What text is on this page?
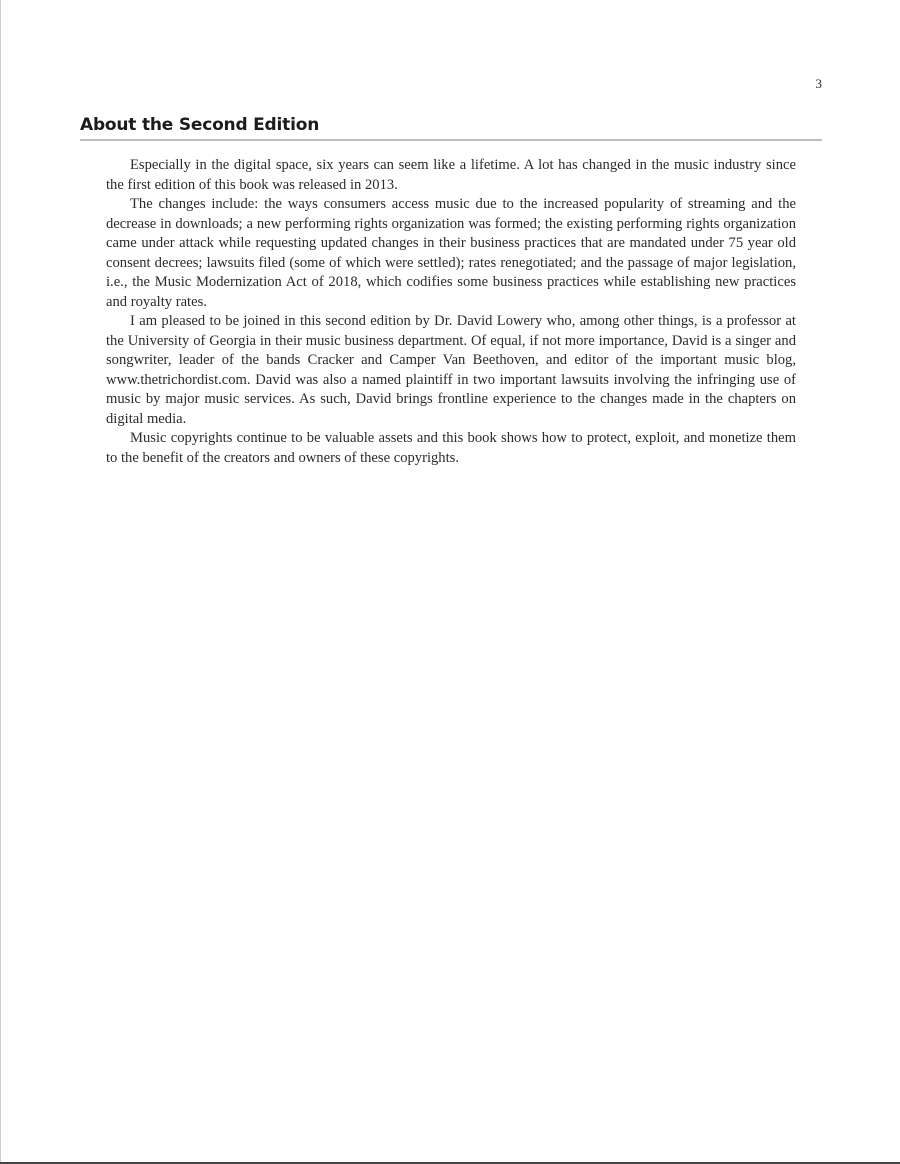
3
About the Second Edition

Especially in the digital space, six years can seem like a lifetime. A lot has changed in the music industry since the first edition of this book was released in 2013.

The changes include: the ways consumers access music due to the increased popularity of streaming and the decrease in downloads; a new performing rights organization was formed; the existing performing rights organization came under attack while requesting updated changes in their business practices that are mandated under 75 year old consent decrees; lawsuits filed (some of which were settled); rates renegotiated; and the passage of major legislation, i.e., the Music Modernization Act of 2018, which codifies some business practices while establishing new practices and royalty rates.

I am pleased to be joined in this second edition by Dr. David Lowery who, among other things, is a professor at the University of Georgia in their music business department. Of equal, if not more importance, David is a singer and songwriter, leader of the bands Cracker and Camper Van Beethoven, and editor of the important music blog, www.thetrichordist.com. David was also a named plaintiff in two important lawsuits involving the infringing use of music by major music services. As such, David brings frontline experience to the changes made in the chapters on digital media.

Music copyrights continue to be valuable assets and this book shows how to protect, exploit, and monetize them to the benefit of the creators and owners of these copyrights.
